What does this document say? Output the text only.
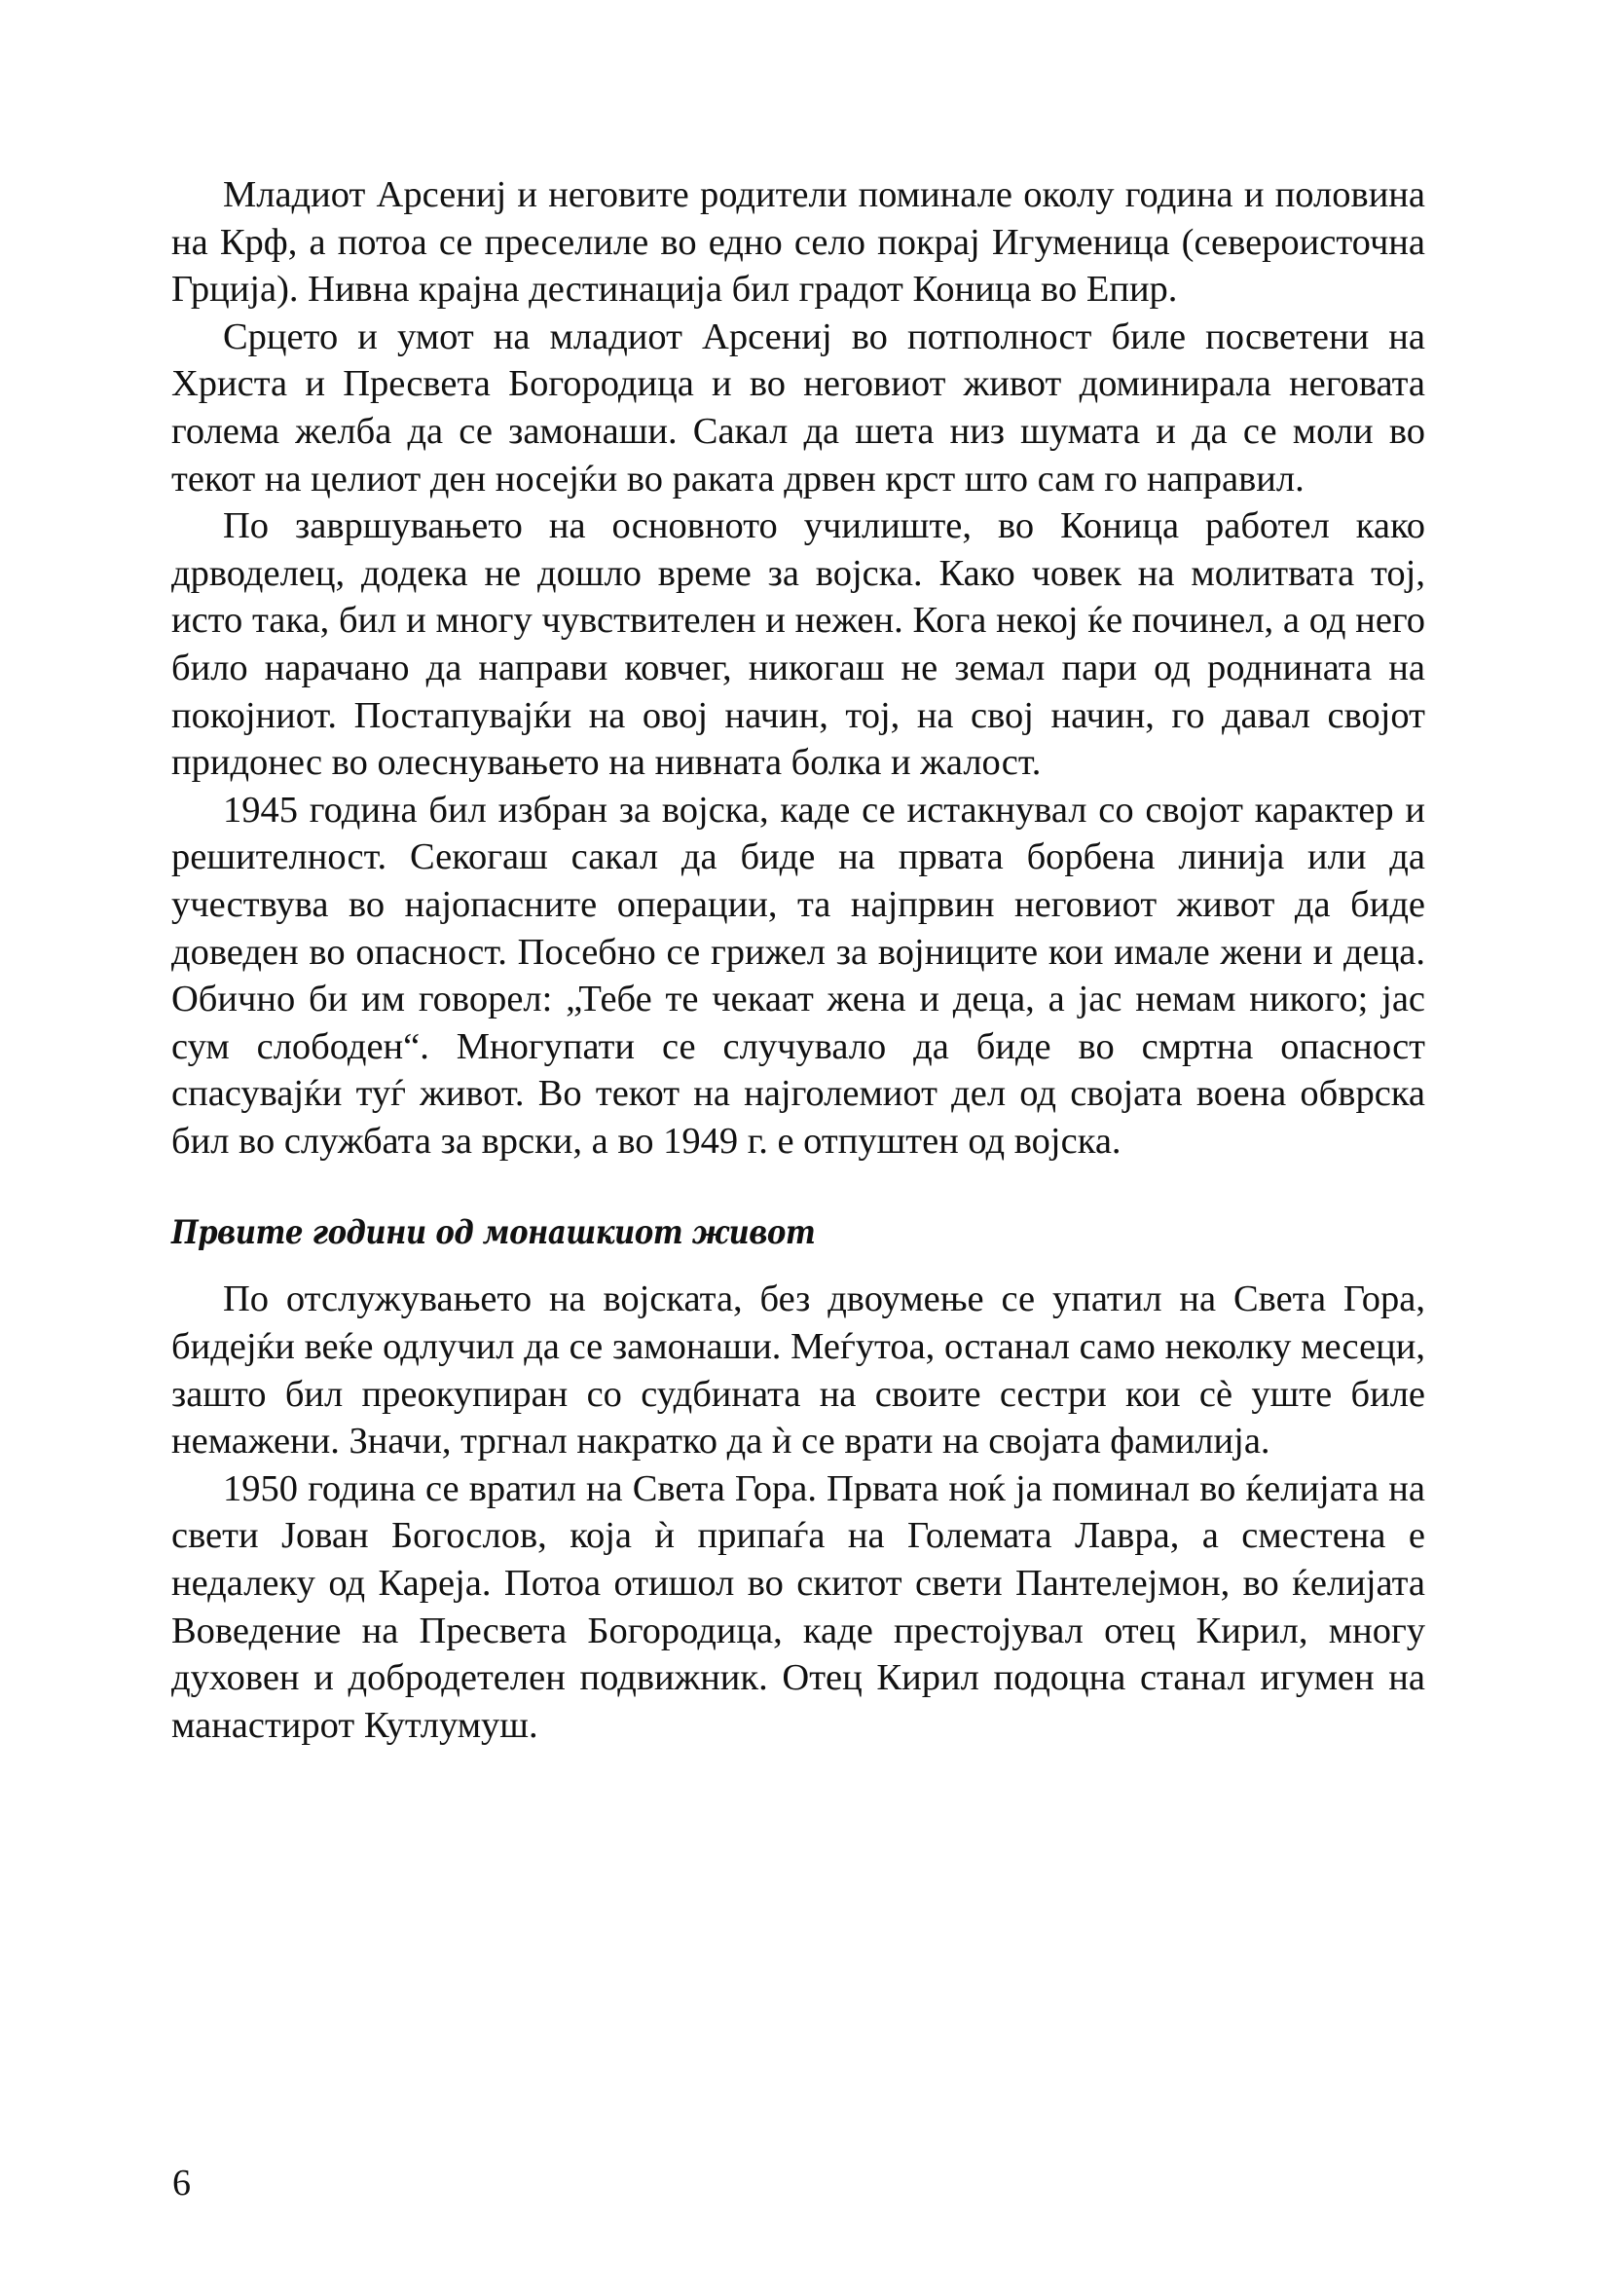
Младиот Арсениј и неговите родители поминале околу година и половина на Крф, а потоа се преселиле во едно село покрај Игуменица (североисточна Грција). Нивна крајна дестинација бил градот Коница во Епир.

Срцето и умот на младиот Арсениј во потполност биле посветени на Христа и Пресвета Богородица и во неговиот живот доминирала неговата голема желба да се замонаши. Сакал да шета низ шумата и да се моли во текот на целиот ден носејќи во раката дрвен крст што сам го направил.

По завршувањето на основното училиште, во Коница работел како дрводелец, додека не дошло време за војска. Како човек на молитвата тој, исто така, бил и многу чувствителен и нежен. Кога некој ќе починел, а од него било нарачано да направи ковчег, никогаш не земал пари од роднината на покојниот. Постапувајќи на овој начин, тој, на свој начин, го давал својот придонес во олеснувањето на нивната болка и жалост.

1945 година бил избран за војска, каде се истакнувал со својот карактер и решителност. Секогаш сакал да биде на првата борбена линија или да учествува во најопасните операции, та најпрвин неговиот живот да биде доведен во опасност. Посебно се грижел за војниците кои имале жени и деца. Обично би им говорел: „Тебе те чекаат жена и деца, а јас немам никого; јас сум слободен“. Многупати се случувало да биде во смртна опасност спасувајќи туѓ живот. Во текот на најголемиот дел од својата воена обврска бил во службата за врски, а во 1949 г. е отпуштен од војска.

Првите години од монашкиот живот

По отслужувањето на војската, без двоумење се упатил на Света Гора, бидејќи веќе одлучил да се замонаши. Меѓутоа, останал само неколку месеци, зашто бил преокупиран со судбината на своите сестри кои сѐ уште биле немажени. Значи, тргнал накратко да ѝ се врати на својата фамилија.

1950 година се вратил на Света Гора. Првата ноќ ја поминал во ќелијата на свети Јован Богослов, која ѝ припаѓа на Големата Лавра, а сместена е недалеку од Кареја. Потоа отишол во скитот свети Пантелејмон, во ќелијата Воведение на Пресвета Богородица, каде престојувал отец Кирил, многу духовен и добродетелен подвижник. Отец Кирил подоцна станал игумен на манастирот Кутлумуш.

6
